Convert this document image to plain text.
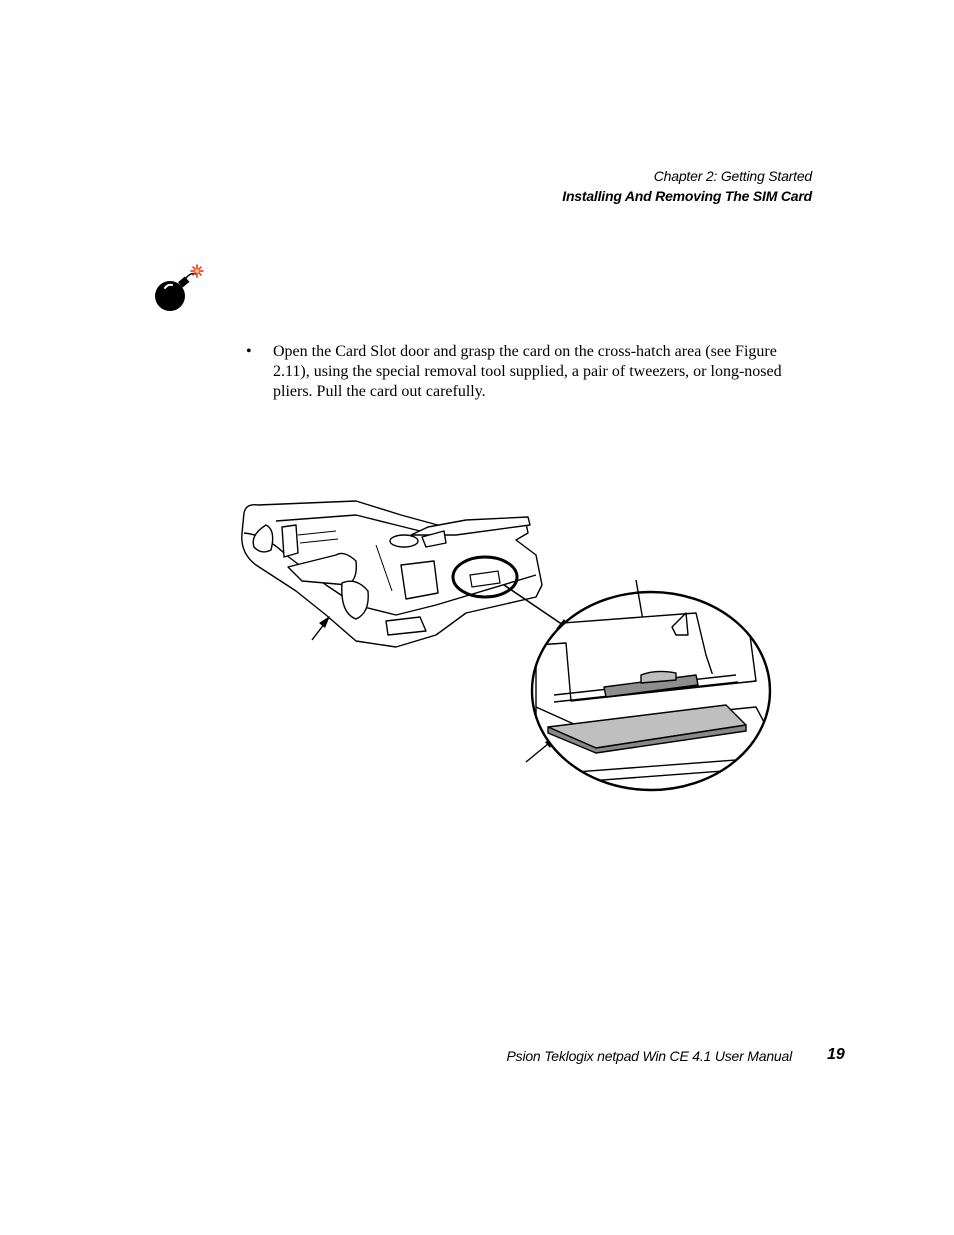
Chapter 2: Getting Started
Installing And Removing The SIM Card
• Open the Card Slot door and grasp the card on the cross-hatch area (see Figure 2.11), using the special removal tool supplied, a pair of tweezers, or long-nosed pliers. Pull the card out carefully.
Psion Teklogix netpad Win CE 4.1 User Manual 19
